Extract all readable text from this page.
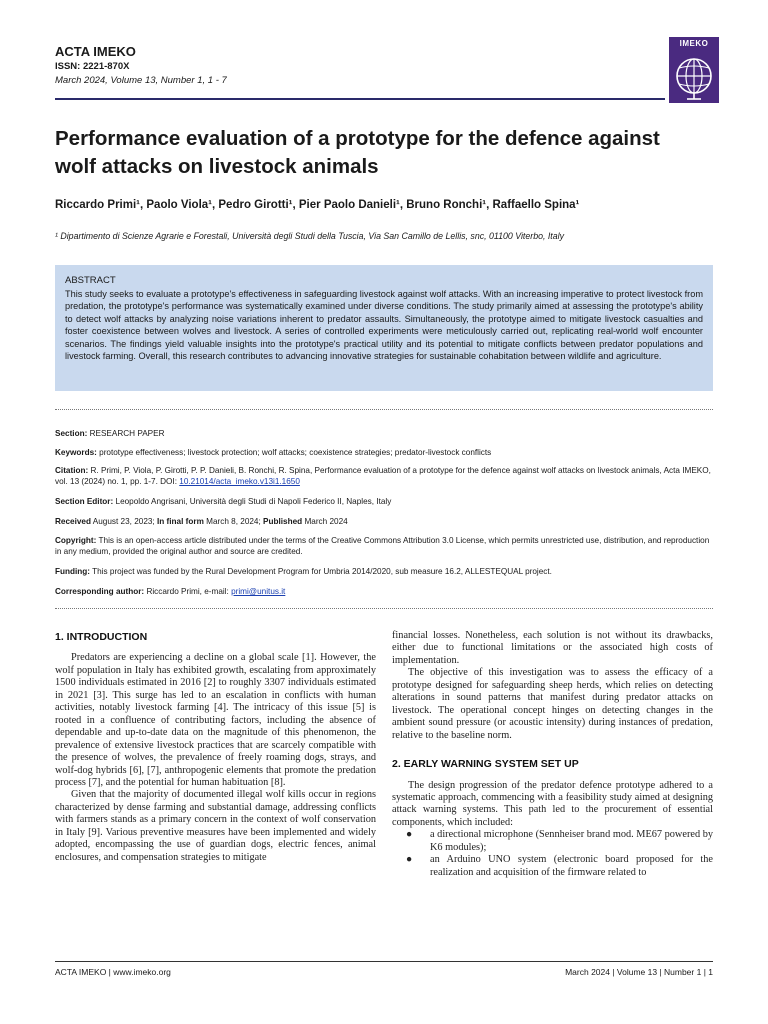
ACTA IMEKO
ISSN: 2221-870X
March 2024, Volume 13, Number 1, 1 - 7
IMEKO
Performance evaluation of a prototype for the defence against wolf attacks on livestock animals
Riccardo Primi¹, Paolo Viola¹, Pedro Girotti¹, Pier Paolo Danieli¹, Bruno Ronchi¹, Raffaello Spina¹
¹ Dipartimento di Scienze Agrarie e Forestali, Università degli Studi della Tuscia, Via San Camillo de Lellis, snc, 01100 Viterbo, Italy
ABSTRACT
This study seeks to evaluate a prototype's effectiveness in safeguarding livestock against wolf attacks. With an increasing imperative to protect livestock from predation, the prototype's performance was systematically examined under diverse conditions. The study primarily aimed at assessing the prototype's ability to detect wolf attacks by analyzing noise variations inherent to predator assaults. Simultaneously, the prototype aimed to mitigate livestock casualties and foster coexistence between wolves and livestock. A series of controlled experiments were meticulously carried out, replicating real-world wolf encounter scenarios. The findings yield valuable insights into the prototype's practical utility and its potential to mitigate conflicts between predator populations and livestock farming. Overall, this research contributes to advancing innovative strategies for sustainable cohabitation between wildlife and agriculture.
Section: RESEARCH PAPER
Keywords: prototype effectiveness; livestock protection; wolf attacks; coexistence strategies; predator-livestock conflicts
Citation: R. Primi, P. Viola, P. Girotti, P. P. Danieli, B. Ronchi, R. Spina, Performance evaluation of a prototype for the defence against wolf attacks on livestock animals, Acta IMEKO, vol. 13 (2024) no. 1, pp. 1-7. DOI: 10.21014/acta_imeko.v13i1.1650
Section Editor: Leopoldo Angrisani, Università degli Studi di Napoli Federico II, Naples, Italy
Received August 23, 2023; In final form March 8, 2024; Published March 2024
Copyright: This is an open-access article distributed under the terms of the Creative Commons Attribution 3.0 License, which permits unrestricted use, distribution, and reproduction in any medium, provided the original author and source are credited.
Funding: This project was funded by the Rural Development Program for Umbria 2014/2020, sub measure 16.2, ALLESTEQUAL project.
Corresponding author: Riccardo Primi, e-mail: primi@unitus.it
1. INTRODUCTION

Predators are experiencing a decline on a global scale [1]. However, the wolf population in Italy has exhibited growth, escalating from approximately 1500 individuals estimated in 2016 [2] to roughly 3307 individuals estimated in 2021 [3]. This surge has led to an escalation in conflicts with human activities, notably livestock farming [4]. The intricacy of this issue [5] is rooted in a confluence of contributing factors, including the absence of dependable and up-to-date data on the magnitude of this phenomenon, the prevalence of extensive livestock practices that are scarcely compatible with the presence of wolves, the prevalence of freely roaming dogs, strays, and wolf-dog hybrids [6], [7], anthropogenic elements that promote the predation process [7], and the potential for human habituation [8].

Given that the majority of documented illegal wolf kills occur in regions characterized by dense farming and substantial damage, addressing conflicts with farmers stands as a primary concern in the context of wolf conservation in Italy [9]. Various preventive measures have been implemented and widely adopted, encompassing the use of guardian dogs, electric fences, animal enclosures, and compensation strategies to mitigate

financial losses. Nonetheless, each solution is not without its drawbacks, either due to functional limitations or the associated high costs of implementation.

The objective of this investigation was to assess the efficacy of a prototype designed for safeguarding sheep herds, which relies on detecting alterations in sound patterns that manifest during predator attacks on livestock. The operational concept hinges on detecting changes in the ambient sound pressure (or acoustic intensity) during instances of predation, relative to the baseline norm.

2. EARLY WARNING SYSTEM SET UP

The design progression of the predator defence prototype adhered to a systematic approach, commencing with a feasibility study aimed at designing attack warning systems. This path led to the procurement of essential components, which included:

● a directional microphone (Sennheiser brand mod. ME67 powered by K6 modules);
● an Arduino UNO system (electronic board proposed for the realization and acquisition of the firmware related to
ACTA IMEKO | www.imeko.org	March 2024 | Volume 13 | Number 1 | 1
